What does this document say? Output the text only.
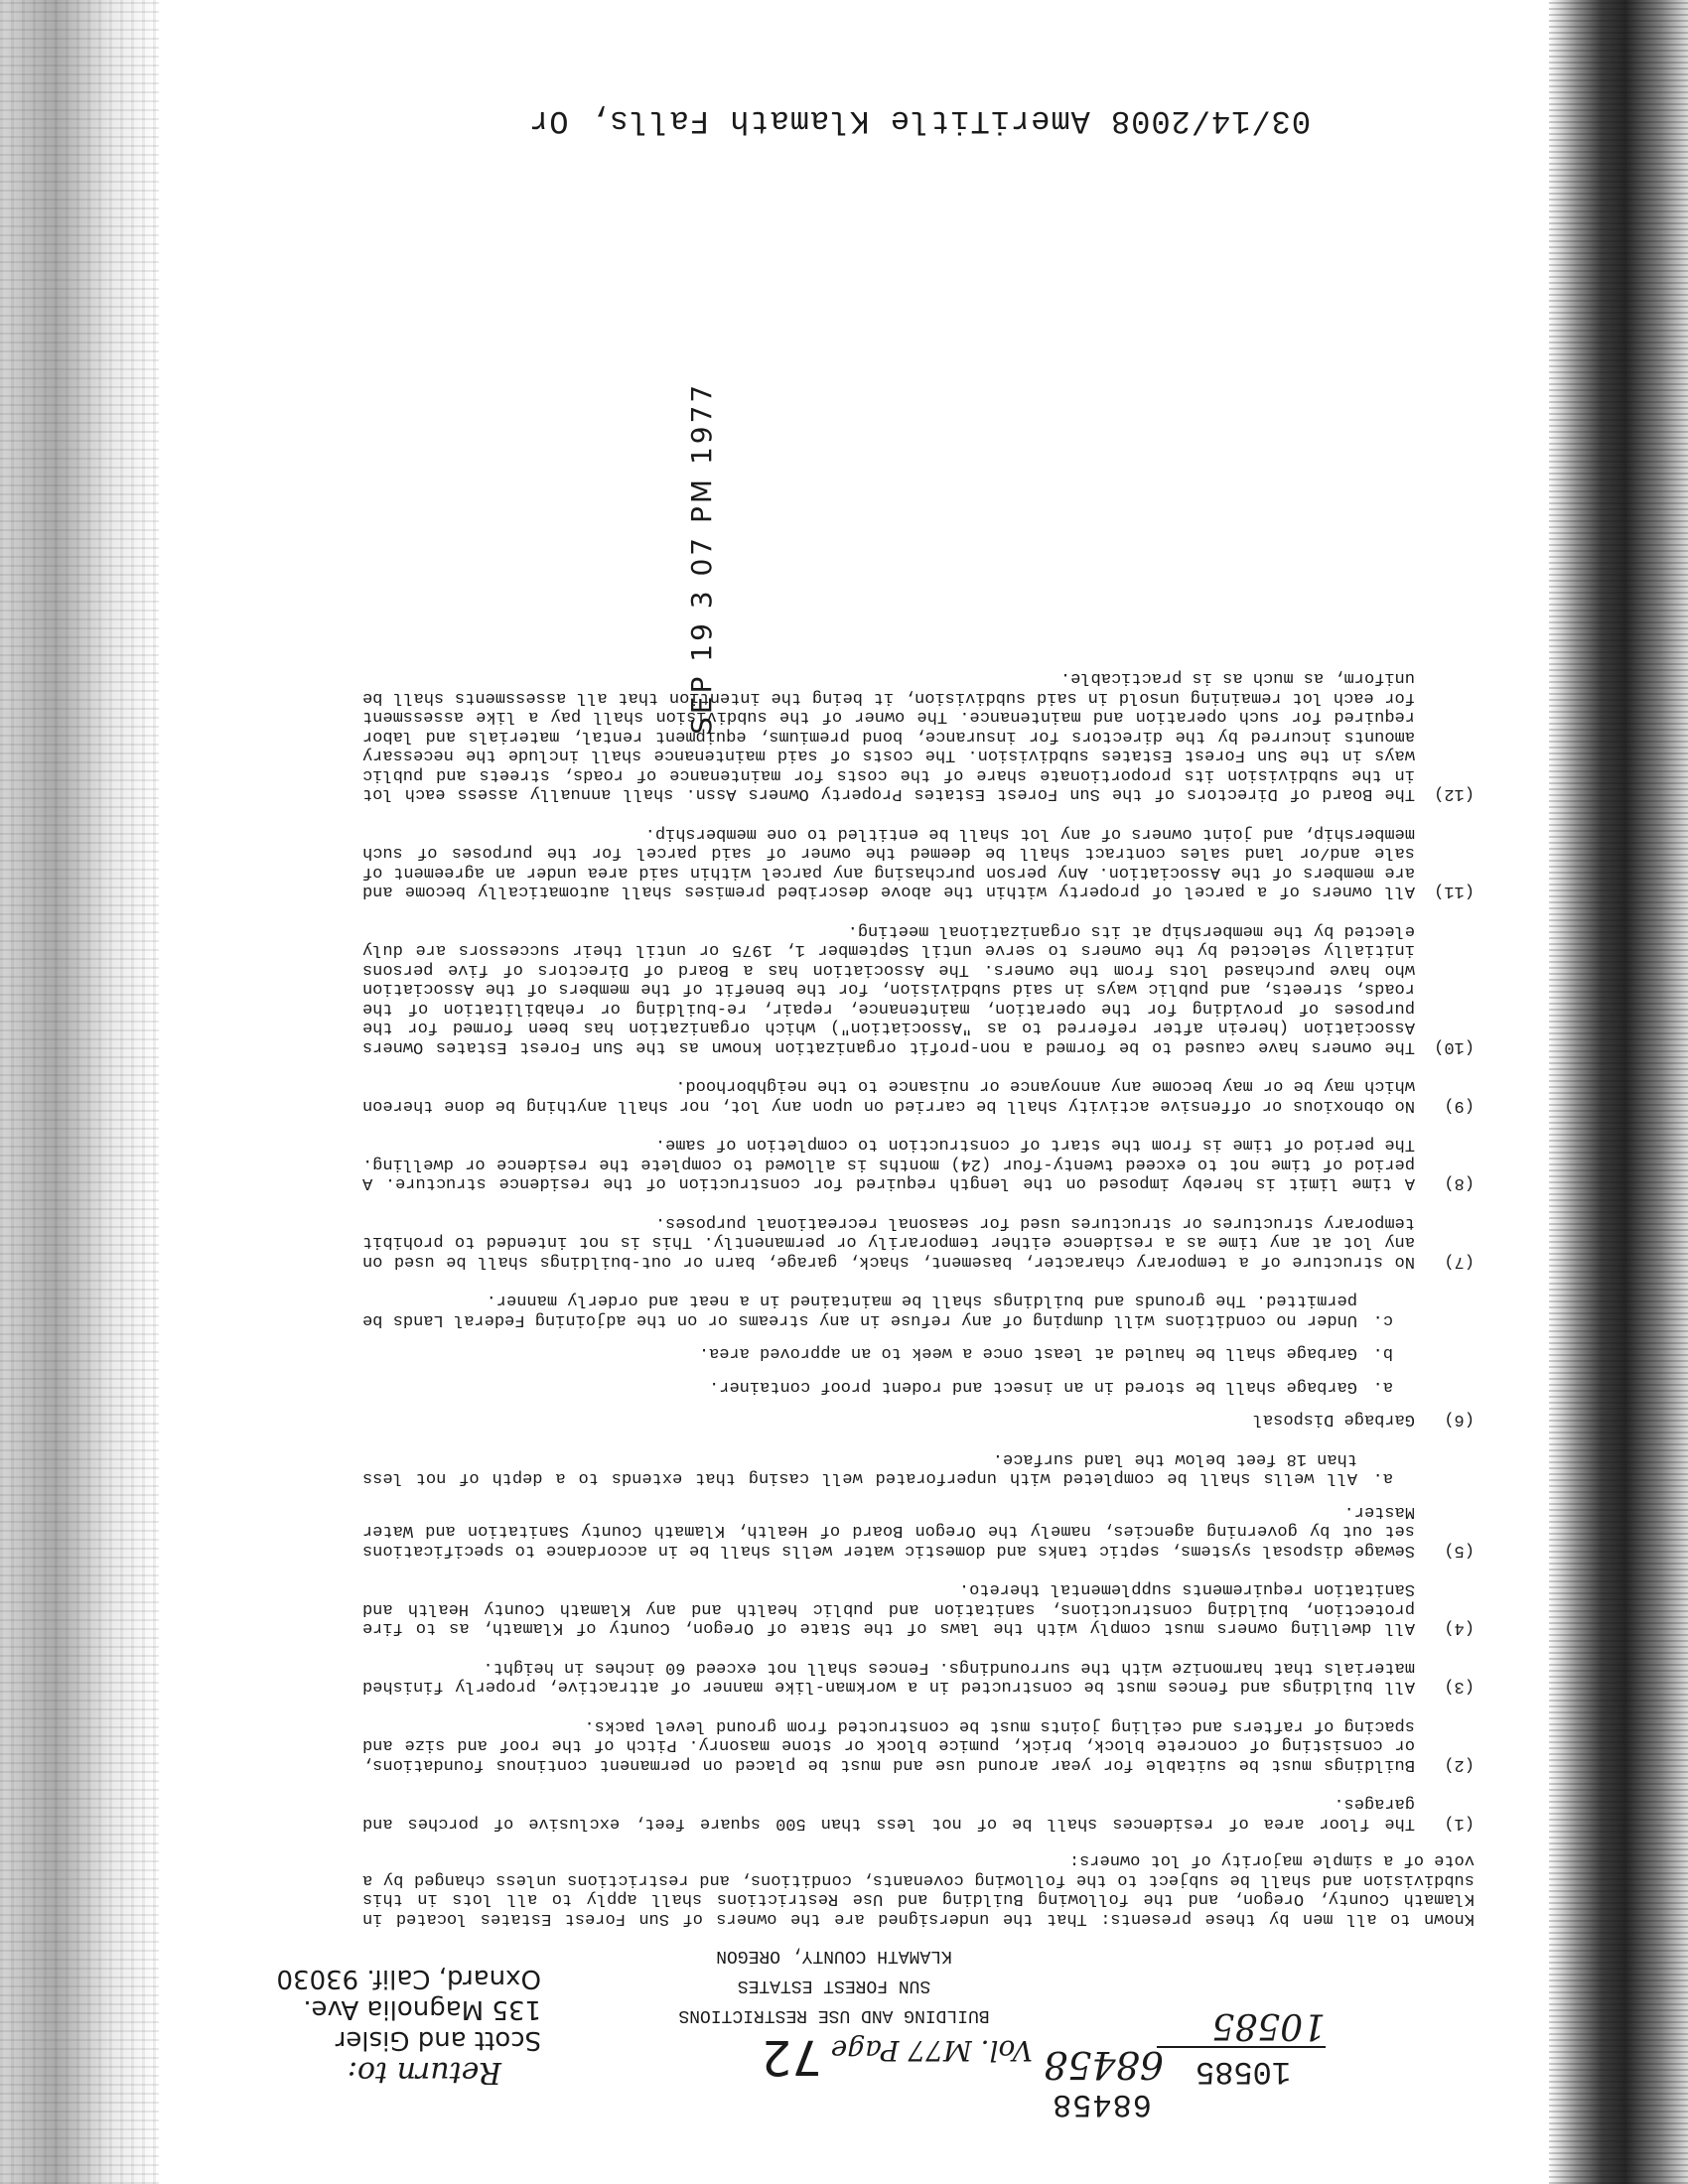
68458
68458
Vol. M77 Page 72	10585
10585
Return to:
Scott and Gisler
135 Magnolia Ave.
Oxnard, Calif. 93030
BUILDING AND USE RESTRICTIONS
SUN FOREST ESTATES
KLAMATH COUNTY, OREGON

Known to all men by these presents: That the undersigned are the owners of Sun Forest Estates located in Klamath County, Oregon, and the following Building and Use Restrictions shall apply to all lots in this subdivision and shall be subject to the following covenants, conditions, and restrictions unless changed by a vote of a simple majority of lot owners:

(1)
The floor area of residences shall be of not less than 500 square feet, exclusive of porches and garages.
(2)
Buildings must be suitable for year around use and must be placed on permanent continous foundations, or consisting of concrete block, brick, pumice block or stone masonry. Pitch of the roof and size and spacing of rafters and ceiling joints must be constructed from ground level packs.
(3)
All buildings and fences must be constructed in a workman-like manner of attractive, properly finished materials that harmonize with the surroundings. Fences shall not exceed 60 inches in height.
(4)
All dwelling owners must comply with the laws of the State of Oregon, County of Klamath, as to fire protection, building constructions, sanitation and public health and any Klamath County Health and Sanitation requirements supplemental thereto.
(5)
Sewage disposal systems, septic tanks and domestic water wells shall be in accordance to specifications set out by governing agencies, namely the Oregon Board of Health, Klamath County Sanitation and Water Master.
a.
All wells shall be completed with unperforated well casing that extends to a depth of not less than 18 feet below the land surface.
(6)
Garbage Disposal
a.
Garbage shall be stored in an insect and rodent proof container.
b.
Garbage shall be hauled at least once a week to an approved area.
c.
Under no conditions will dumping of any refuse in any streams or on the adjoining Federal Lands be permitted. The grounds and buildings shall be maintained in a neat and orderly manner.
(7)
No structure of a temporary character, basement, shack, garage, barn or out-buildings shall be used on any lot at any time as a residence either temporarily or permanently. This is not intended to prohibit temporary structures or structures used for seasonal recreational purposes.
(8)
A time limit is hereby imposed on the length required for construction of the residence structure. A period of time not to exceed twenty-four (24) months is allowed to complete the residence or dwelling. The period of time is from the start of construction to completion of same.
(9)
No obnoxious or offensive activity shall be carried on upon any lot, nor shall anything be done thereon which may be or may become any annoyance or nuisance to the neighborhood.
(10)
The owners have caused to be formed a non-profit organization known as the Sun Forest Estates Owners Association (herein after referred to as "Association") which organization has been formed for the purposes of providing for the operation, maintenance, repair, re-building or rehabilitation of the roads, streets, and public ways in said subdivision, for the benefit of the members of the Association who have purchased lots from the owners. The Association has a Board of Directors of five persons initially selected by the owners to serve until September 1, 1975 or until their successors are duly elected by the membership at its organizational meeting.
(11)
All owners of a parcel of property within the above described premises shall automatically become and are members of the Association. Any person purchasing any parcel within said area under an agreement of sale and/or land sales contract shall be deemed the owner of said parcel for the purposes of such membership, and joint owners of any lot shall be entitled to one membership.
(12)
The Board of Directors of the Sun Forest Estates Property Owners Assn. shall annually assess each lot in the subdivision its proportionate share of the costs for maintenance of roads, streets and public ways in the Sun Forest Estates subdivision. The costs of said maintenance shall include the necessary amounts incurred by the directors for insurance, bond premiums, equipment rental, materials and labor required for such operation and maintenance. The owner of the subdivision shall pay a like assessment for each lot remaining unsold in said subdivision, it being the intention that all assessments shall be uniform, as much as is practicable.
03/14/2008 AmeriTitle Klamath Falls, Or
SEP 19 3 07 PM 1977
